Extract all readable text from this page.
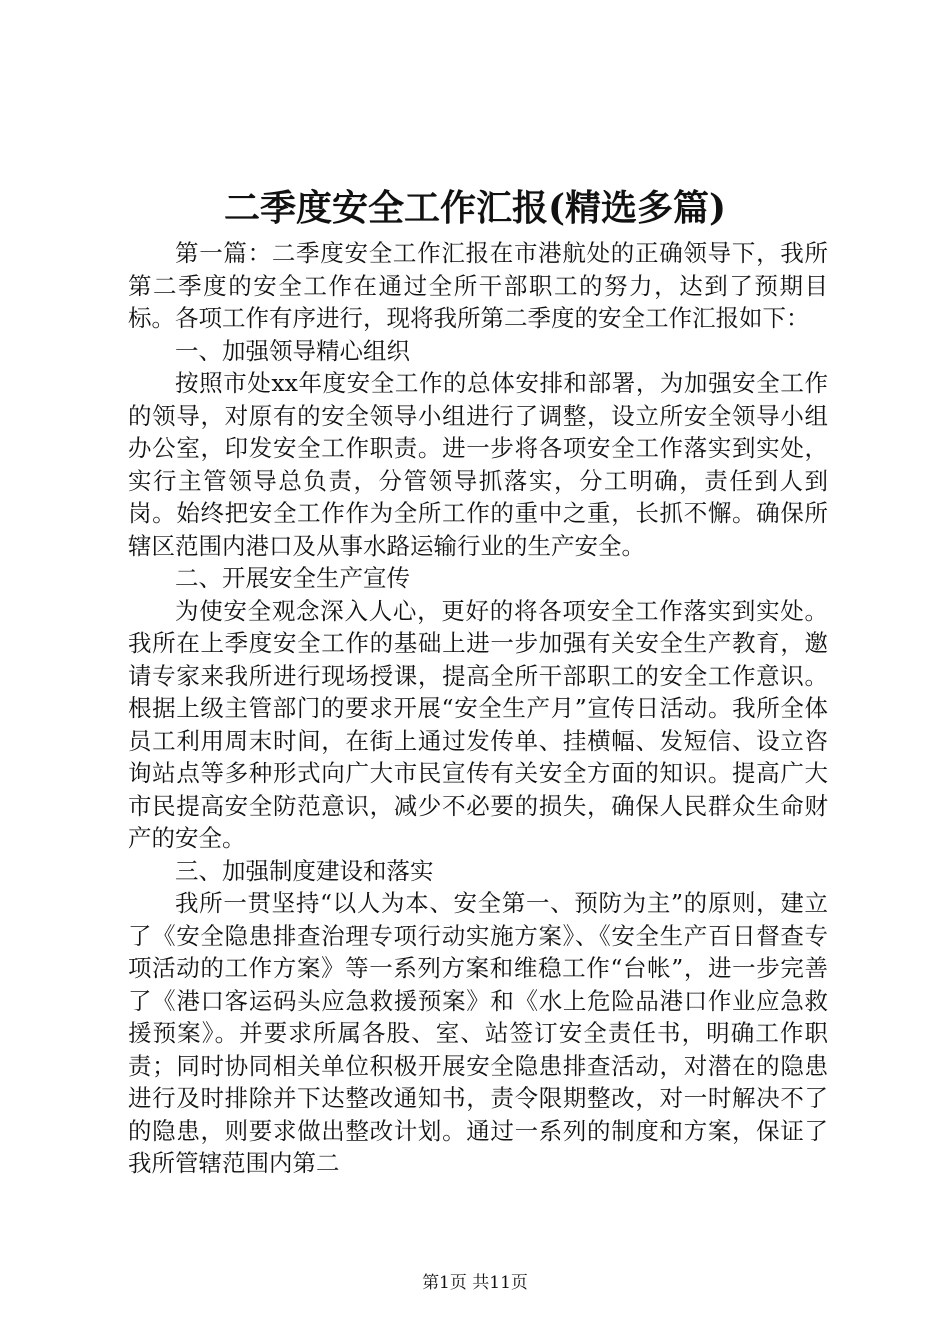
二季度安全工作汇报(精选多篇)

第一篇：二季度安全工作汇报在市港航处的正确领导下，我所第二季度的安全工作在通过全所干部职工的努力，达到了预期目标。各项工作有序进行，现将我所第二季度的安全工作汇报如下：

一、加强领导精心组织

按照市处xx年度安全工作的总体安排和部署，为加强安全工作的领导，对原有的安全领导小组进行了调整，设立所安全领导小组办公室，印发安全工作职责。进一步将各项安全工作落实到实处，实行主管领导总负责，分管领导抓落实，分工明确，责任到人到岗。始终把安全工作作为全所工作的重中之重，长抓不懈。确保所辖区范围内港口及从事水路运输行业的生产安全。

二、开展安全生产宣传

为使安全观念深入人心，更好的将各项安全工作落实到实处。我所在上季度安全工作的基础上进一步加强有关安全生产教育，邀请专家来我所进行现场授课，提高全所干部职工的安全工作意识。根据上级主管部门的要求开展“安全生产月”宣传日活动。我所全体员工利用周末时间，在街上通过发传单、挂横幅、发短信、设立咨询站点等多种形式向广大市民宣传有关安全方面的知识。提高广大市民提高安全防范意识，减少不必要的损失，确保人民群众生命财产的安全。

三、加强制度建设和落实

我所一贯坚持“以人为本、安全第一、预防为主”的原则，建立了《安全隐患排查治理专项行动实施方案》、《安全生产百日督查专项活动的工作方案》等一系列方案和维稳工作“台帐”，进一步完善了《港口客运码头应急救援预案》和《水上危险品港口作业应急救援预案》。并要求所属各股、室、站签订安全责任书，明确工作职责；同时协同相关单位积极开展安全隐患排查活动，对潜在的隐患进行及时排除并下达整改通知书，责令限期整改，对一时解决不了的隐患，则要求做出整改计划。通过一系列的制度和方案，保证了我所管辖范围内第二

第1页 共11页
